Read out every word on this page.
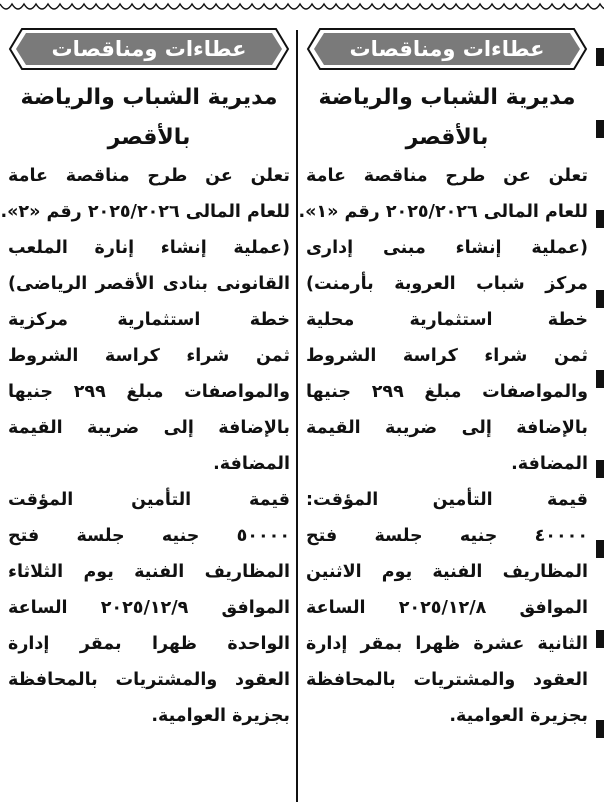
عطاءات ومناقصات
مديرية الشباب والرياضة
بالأقصر
تعلن عن طرح مناقصة عامة
للعام المالى ٢٠٢٥/٢٠٢٦ رقم «١».
(عملية إنشاء مبنى إدارى
مركز شباب العروبة بأرمنت)
خطة استثمارية محلية
ثمن شراء كراسة الشروط
والمواصفات مبلغ ٢٩٩ جنيها
بالإضافة إلى ضريبة القيمة
المضافة.
قيمة التأمين المؤقت:
٤٠٠٠٠ جنيه جلسة فتح
المظاريف الفنية يوم الاثنين
الموافق ٢٠٢٥/١٢/٨ الساعة
الثانية عشرة ظهرا بمقر إدارة
العقود والمشتريات بالمحافظة
بجزيرة العوامية.
عطاءات ومناقصات
مديرية الشباب والرياضة
بالأقصر
تعلن عن طرح مناقصة عامة
للعام المالى ٢٠٢٥/٢٠٢٦ رقم «٢».
(عملية إنشاء إنارة الملعب
القانونى بنادى الأقصر الرياضى)
خطة استثمارية مركزية
ثمن شراء كراسة الشروط
والمواصفات مبلغ ٢٩٩ جنيها
بالإضافة إلى ضريبة القيمة
المضافة.
قيمة التأمين المؤقت
٥٠٠٠٠ جنيه جلسة فتح
المظاريف الفنية يوم الثلاثاء
الموافق ٢٠٢٥/١٢/٩ الساعة
الواحدة ظهرا بمقر إدارة
العقود والمشتريات بالمحافظة
بجزيرة العوامية.
